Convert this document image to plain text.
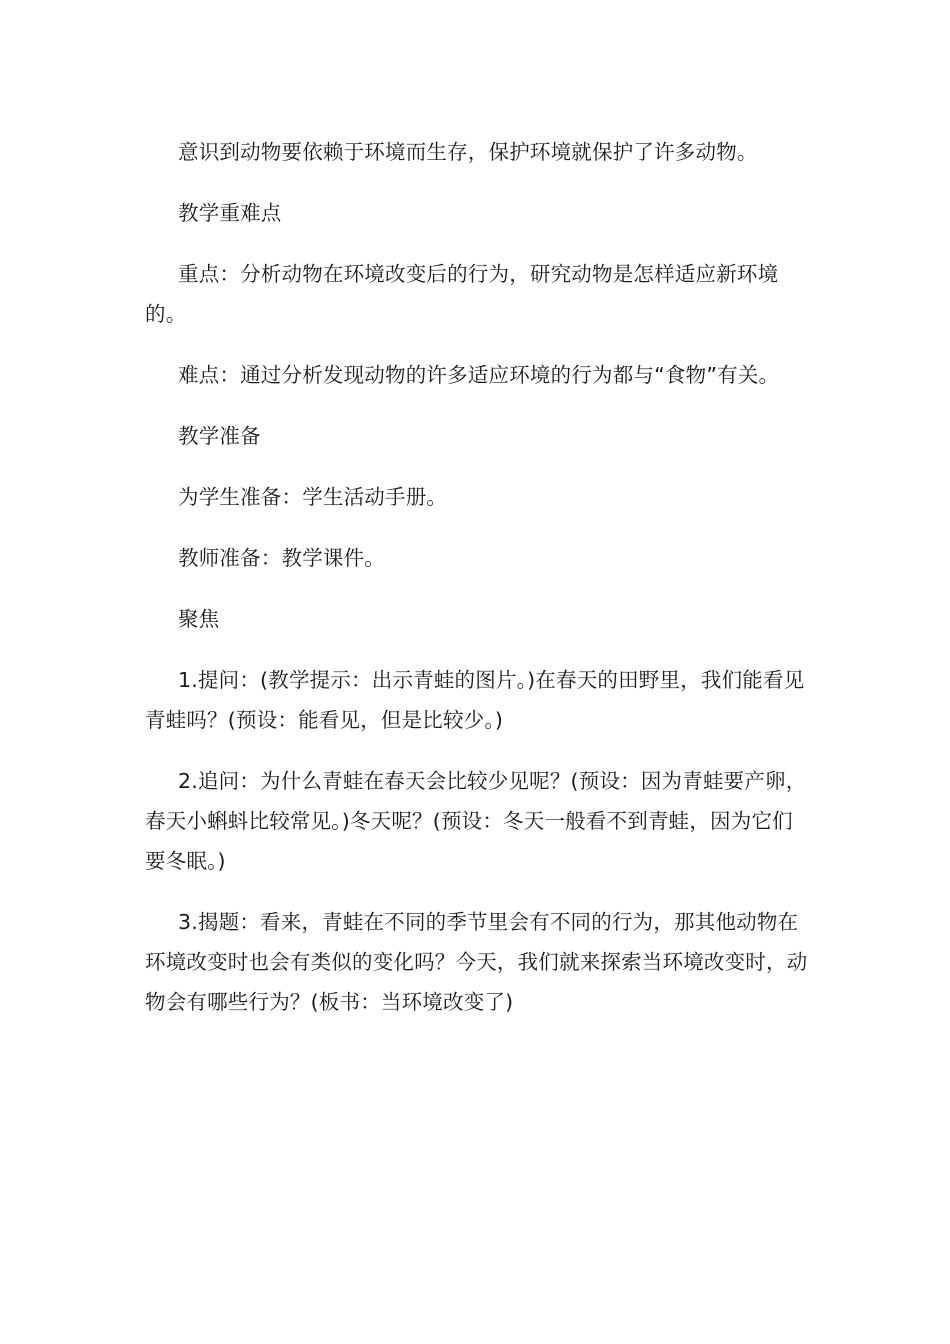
意识到动物要依赖于环境而生存，保护环境就保护了许多动物。

教学重难点

重点：分析动物在环境改变后的行为，研究动物是怎样适应新环境的。

难点：通过分析发现动物的许多适应环境的行为都与“食物”有关。

教学准备

为学生准备：学生活动手册。

教师准备：教学课件。

聚焦

1.提问：(教学提示：出示青蛙的图片。)在春天的田野里，我们能看见青蛙吗？(预设：能看见，但是比较少。)

2.追问：为什么青蛙在春天会比较少见呢？(预设：因为青蛙要产卵，春天小蝌蚪比较常见。)冬天呢？(预设：冬天一般看不到青蛙，因为它们要冬眠。)

3.揭题：看来，青蛙在不同的季节里会有不同的行为，那其他动物在环境改变时也会有类似的变化吗？今天，我们就来探索当环境改变时，动物会有哪些行为？(板书：当环境改变了)
